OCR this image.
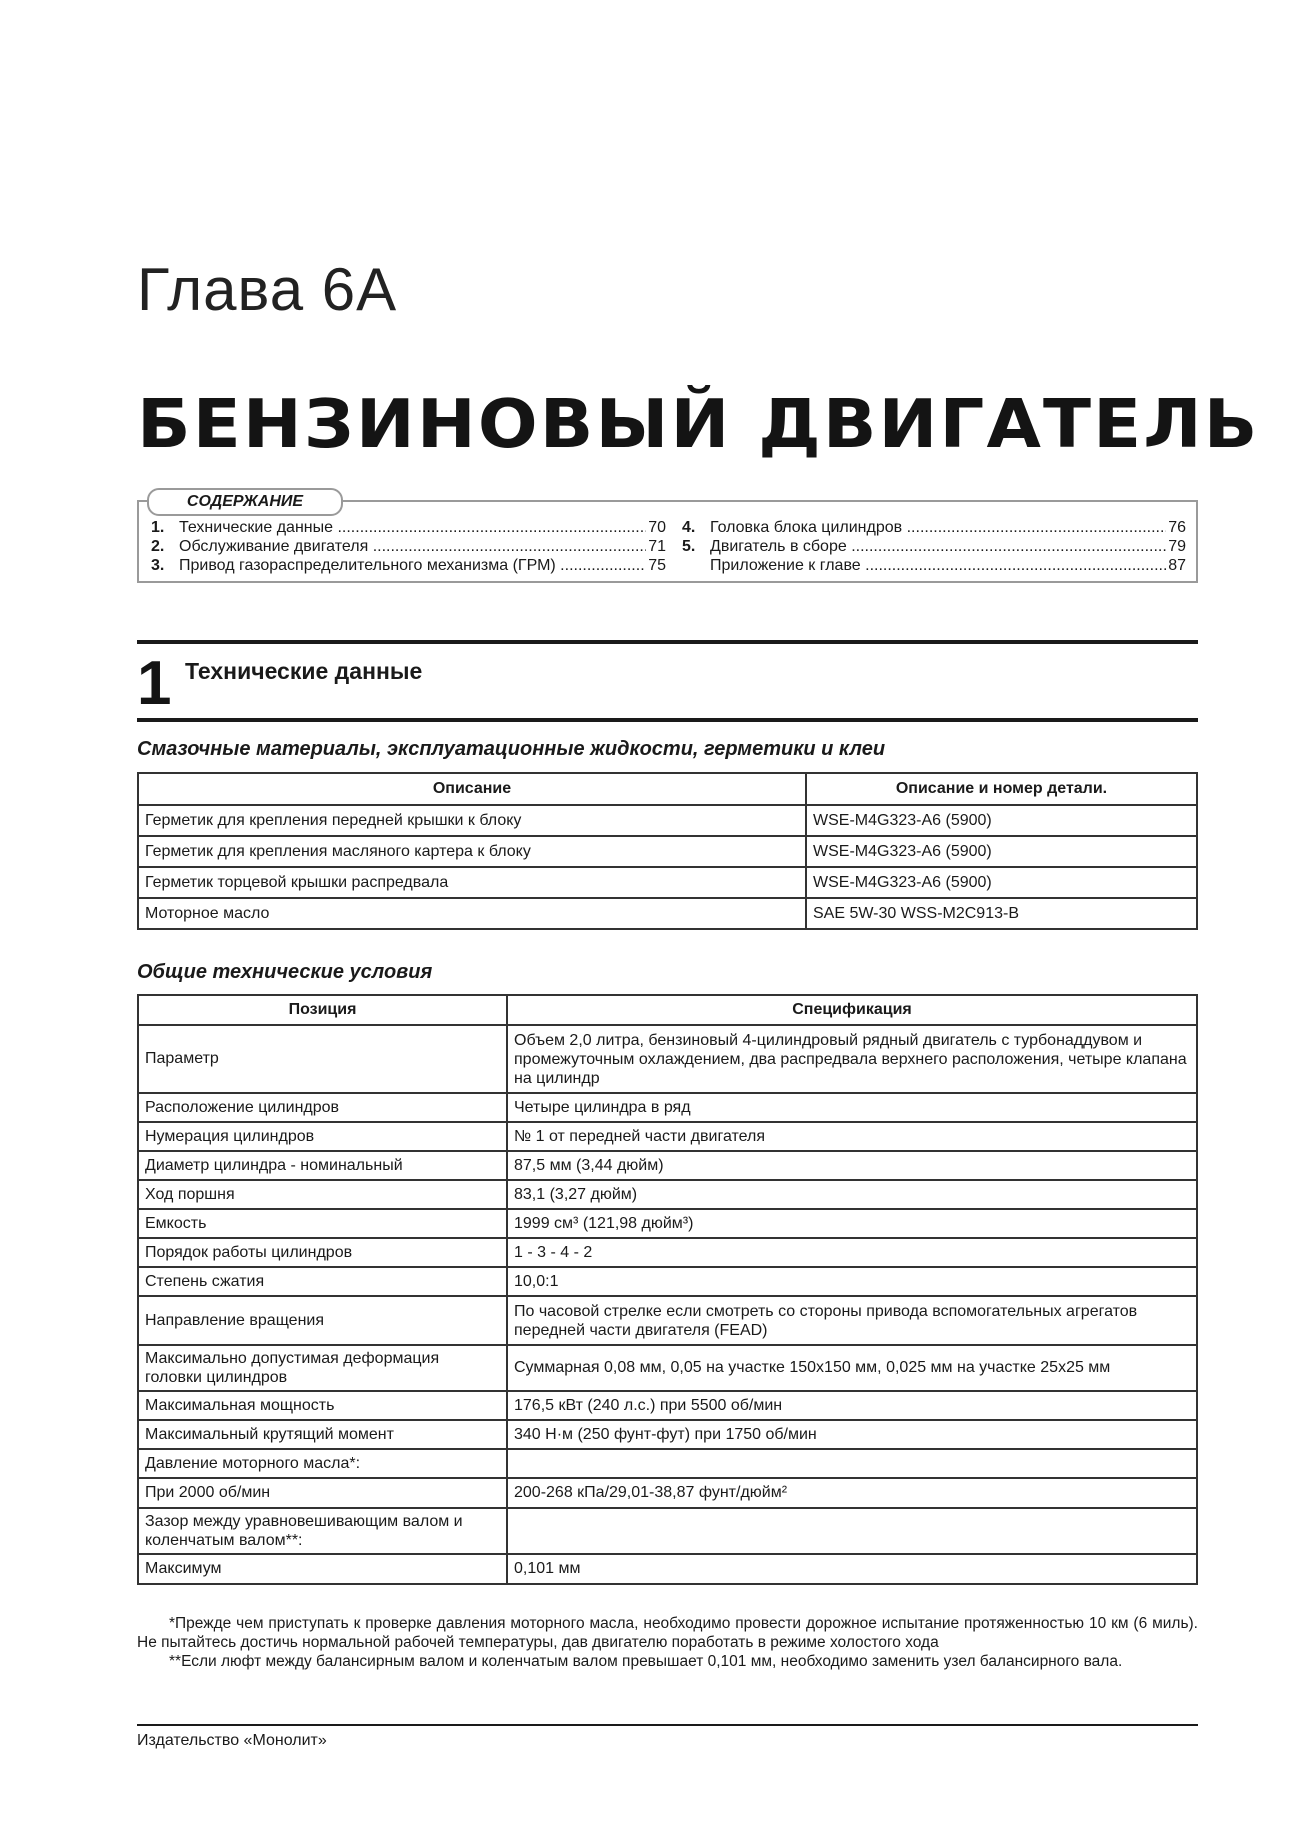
Глава 6А
БЕНЗИНОВЫЙ ДВИГАТЕЛЬ
1. Технические данные .....	70
2. Обслуживание двигателя .....	71
3. Привод газораспределительного механизма (ГРМ) .....	75
4. Головка блока цилиндров .....	76
5. Двигатель в сборе .....	79
Приложение к главе .....	87
СОДЕРЖАНИЕ
1 Технические данные
Смазочные материалы, эксплуатационные жидкости, герметики и клеи
Описание	Описание и номер детали.
Герметик для крепления передней крышки к блоку	WSE-M4G323-A6 (5900)
Герметик для крепления масляного картера к блоку	WSE-M4G323-A6 (5900)
Герметик торцевой крышки распредвала	WSE-M4G323-A6 (5900)
Моторное масло	SAE 5W-30 WSS-M2C913-B
Общие технические условия
Позиция	Спецификация
Параметр	Объем 2,0 литра, бензиновый 4-цилиндровый рядный двигатель с турбонаддувом и промежуточным охлаждением, два распредвала верхнего расположения, четыре клапана на цилиндр
Расположение цилиндров	Четыре цилиндра в ряд
Нумерация цилиндров	№ 1 от передней части двигателя
Диаметр цилиндра - номинальный	87,5 мм (3,44 дюйм)
Ход поршня	83,1 (3,27 дюйм)
Емкость	1999 см³ (121,98 дюйм³)
Порядок работы цилиндров	1 - 3 - 4 - 2
Степень сжатия	10,0:1
Направление вращения	По часовой стрелке если смотреть со стороны привода вспомогательных агрегатов передней части двигателя (FEAD)
Максимально допустимая деформация головки цилиндров	Суммарная 0,08 мм, 0,05 на участке 150х150 мм, 0,025 мм на участке 25х25 мм
Максимальная мощность	176,5 кВт (240 л.с.) при 5500 об/мин
Максимальный крутящий момент	340 Н·м (250 фунт-фут) при 1750 об/мин
Давление моторного масла*:	
При 2000 об/мин	200-268 кПа/29,01-38,87 фунт/дюйм²
Зазор между уравновешивающим валом и коленчатым валом**:	
Максимум	0,101 мм

*Прежде чем приступать к проверке давления моторного масла, необходимо провести дорожное испытание протяженностью 10 км (6 миль). Не пытайтесь достичь нормальной рабочей температуры, дав двигателю поработать в режиме холостого хода

**Если люфт между балансирным валом и коленчатым валом превышает 0,101 мм, необходимо заменить узел балансирного вала.

Издательство «Монолит»
